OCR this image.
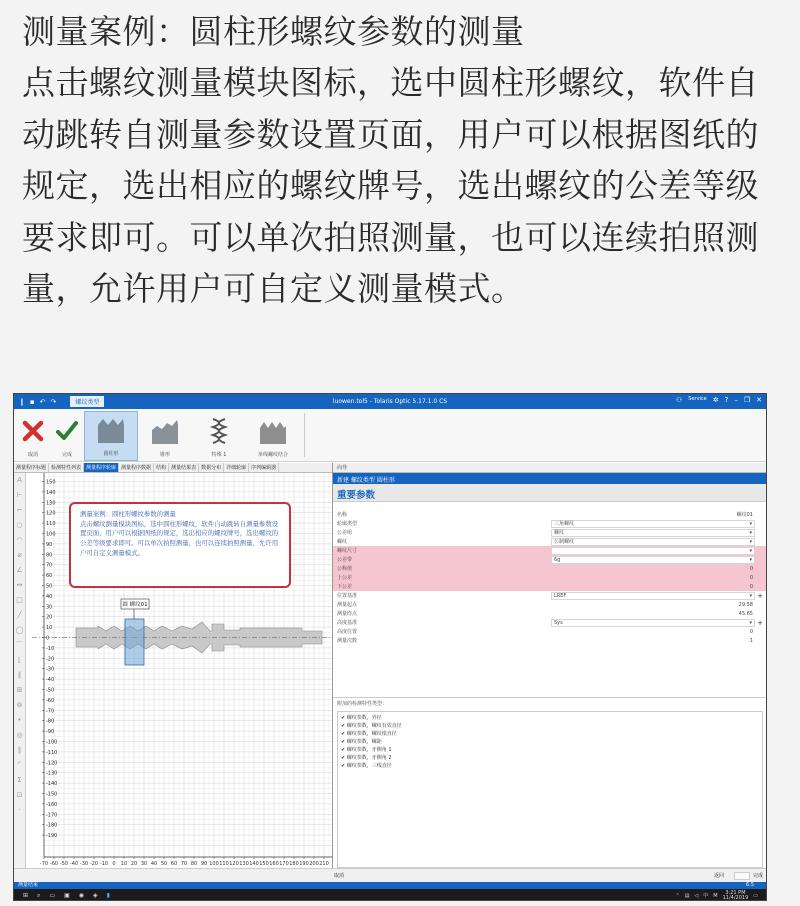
测量案例：圆柱形螺纹参数的测量

点击螺纹测量模块图标，选中圆柱形螺纹，软件自动跳转自测量参数设置页面，用户可以根据图纸的规定，选出相应的螺纹牌号，选出螺纹的公差等级要求即可。可以单次拍照测量，也可以连续拍照测量，允许用户可自定义测量模式。

❙ ▪ ↶ ↷	螺纹类型	luowen.tol5 - Tolaris Optic 5.17.1.0 CS	⚇ Service ✲ ? – ❐ ✕
取消	完成	圆柱形	锥形	特殊 1	单线螺纹结合
测量程序标题	检测特性列表	测量程序轮廓	测量程序数据	结构	测量结果表	数据分布	详细轮廓	序列编辑器
A
⊢
⌐
○
◠
⌀
∠
↔
□
╱
◯
⌒
⌊
∥
⊞
⊚
•
◎
∥
⌜
Σ
⊡
·
150
140
130
120
110
100
90
80
70
60
50
40
30
20
10
0
-10
-20
-30
-40
-50
-60
-70
-80
-90
-100
-110
-120
-130
-140
-150
-160
-170
-180
-190
-70 -60 -50 -40 -30 -20 -10 0 10 20 30 40 50 60 70 80 90 100 110 120 130 140 150 160 170 180 190 200 210
圆 螺纹01

测量案例：圆柱形螺纹参数的测量

点击螺纹测量模块图标，选中圆柱形螺纹，软件自动跳转自测量参数设置页面，用户可以根据图纸的规定，选出相应的螺纹牌号，选出螺纹的公差等级要求即可。可以单次拍照测量，也可以连续拍照测量，允许用户可自定义测量模式。

向导
新建 螺纹类型 圆柱形
重要参数
名称	螺纹01
轮廓类型	三角螺纹	▾
公差组	螺纹	▾
螺纹	公制螺纹	▾
螺纹尺寸	▾
公差带	6g	▾
公称值	0
上公差	0
下公差	0
位置基准	LREF	▾ +
测量起点	29.58
测量终点	45.65
高度基准	Sys	▾ +
高度位置	0
测量次数	1
附加的检测特性类型：
✔ 螺纹参数，外径
✔ 螺纹参数，螺纹有效直径
✔ 螺纹参数，螺纹根直径
✔ 螺纹参数，螺距
✔ 螺纹参数，牙侧角 1
✔ 螺纹参数，牙侧角 2
✔ 螺纹参数，三线直径
取消	返回	完成
测量结束	6.5
⊞ ⌕ ▭ ▣ ◉ ◈ ▮	⌃ ▤ ◁ 中 M	3:21 PM
11/4/2019 ▭
